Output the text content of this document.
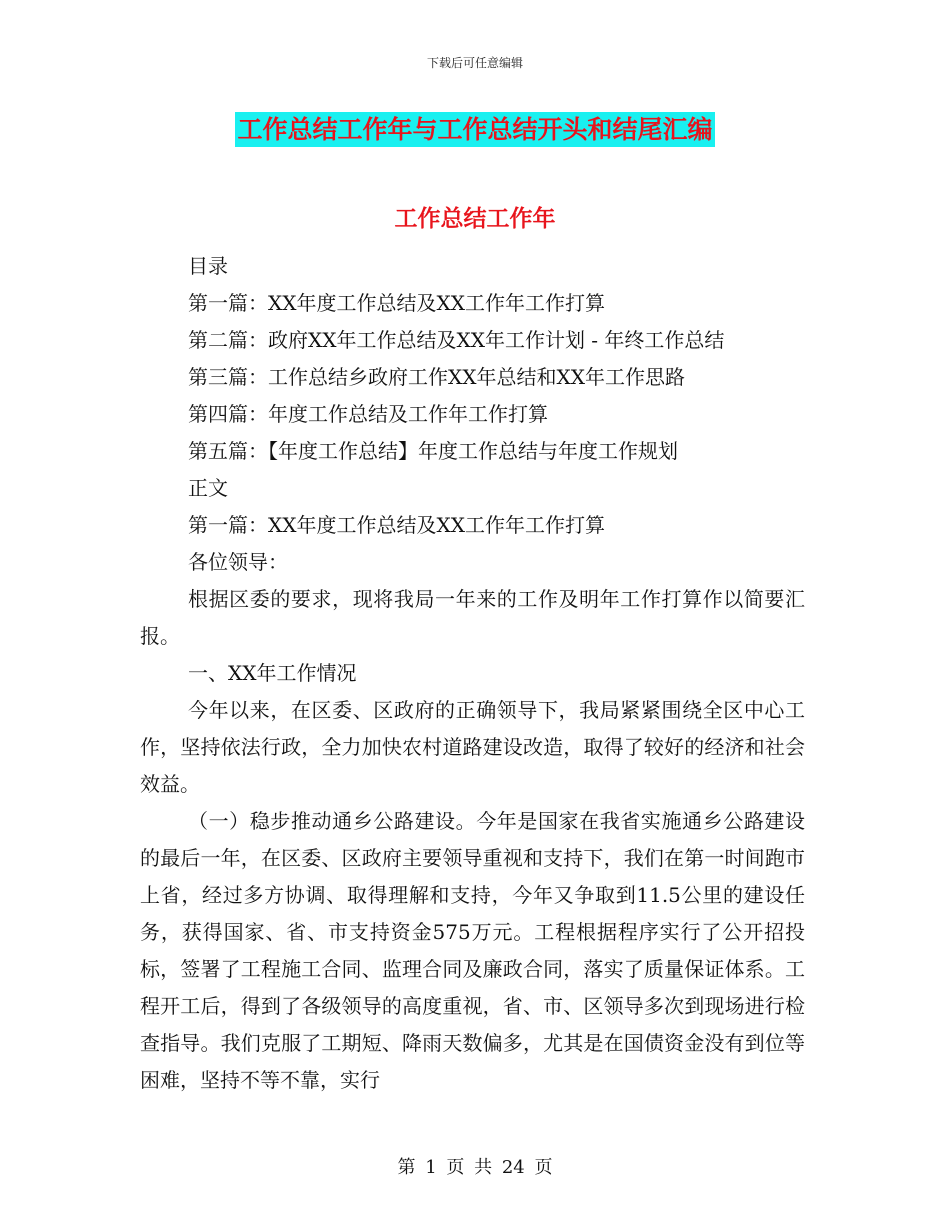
下载后可任意编辑
工作总结工作年与工作总结开头和结尾汇编
工作总结工作年
目录
第一篇：XX年度工作总结及XX工作年工作打算
第二篇：政府XX年工作总结及XX年工作计划 - 年终工作总结
第三篇：工作总结乡政府工作XX年总结和XX年工作思路
第四篇：年度工作总结及工作年工作打算
第五篇：【年度工作总结】年度工作总结与年度工作规划
正文
第一篇：XX年度工作总结及XX工作年工作打算
各位领导：

根据区委的要求，现将我局一年来的工作及明年工作打算作以简要汇报。

一、XX年工作情况

今年以来，在区委、区政府的正确领导下，我局紧紧围绕全区中心工作，坚持依法行政，全力加快农村道路建设改造，取得了较好的经济和社会效益。

（一）稳步推动通乡公路建设。今年是国家在我省实施通乡公路建设的最后一年，在区委、区政府主要领导重视和支持下，我们在第一时间跑市上省，经过多方协调、取得理解和支持，今年又争取到11.5公里的建设任务，获得国家、省、市支持资金575万元。工程根据程序实行了公开招投标，签署了工程施工合同、监理合同及廉政合同，落实了质量保证体系。工程开工后，得到了各级领导的高度重视，省、市、区领导多次到现场进行检查指导。我们克服了工期短、降雨天数偏多，尤其是在国债资金没有到位等困难，坚持不等不靠，实行

第 1 页 共 24 页
